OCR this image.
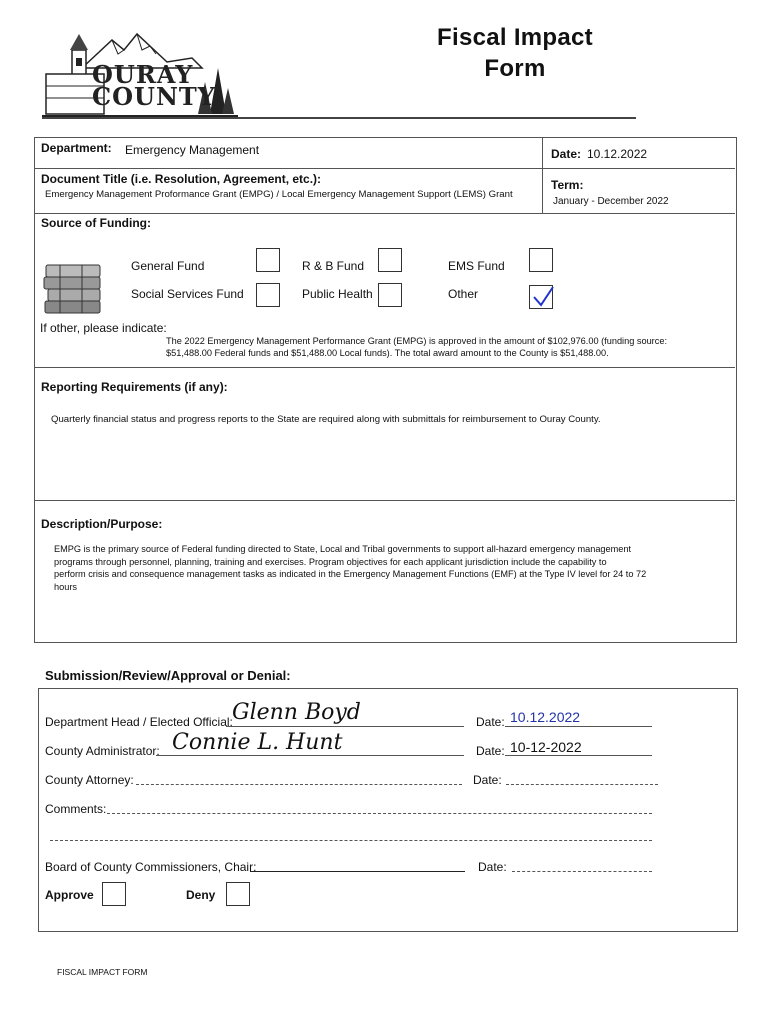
OURAY
COUNTY
Fiscal Impact
Form
Department: Emergency Management	Date: 10.12.2022
Document Title (i.e. Resolution, Agreement, etc.):
Emergency Management Proformance Grant (EMPG) / Local Emergency Management Support (LEMS) Grant
Term:
January - December 2022
Source of Funding:
General Fund	R & B Fund	EMS Fund
Social Services Fund	Public Health	Other
If other, please indicate:
The 2022 Emergency Management Performance Grant (EMPG) is approved in the amount of $102,976.00 (funding source:
$51,488.00 Federal funds and $51,488.00 Local funds). The total award amount to the County is $51,488.00.
Reporting Requirements (if any):
Quarterly financial status and progress reports to the State are required along with submittals for reimbursement to Ouray County.
Description/Purpose:
EMPG is the primary source of Federal funding directed to State, Local and Tribal governments to support all-hazard emergency management
programs through personnel, planning, training and exercises. Program objectives for each applicant jurisdiction include the capability to
perform crisis and consequence management tasks as indicated in the Emergency Management Functions (EMF) at the Type IV level for 24 to 72
hours
Submission/Review/Approval or Denial:
Department Head / Elected Official: Glenn Boyd	Date: 10.12.2022
County Administrator: Connie L. Hunt	Date: 10-12-2022
County Attorney:	Date:
Comments:
Board of County Commissioners, Chair:	Date:
Approve	Deny
FISCAL IMPACT FORM
